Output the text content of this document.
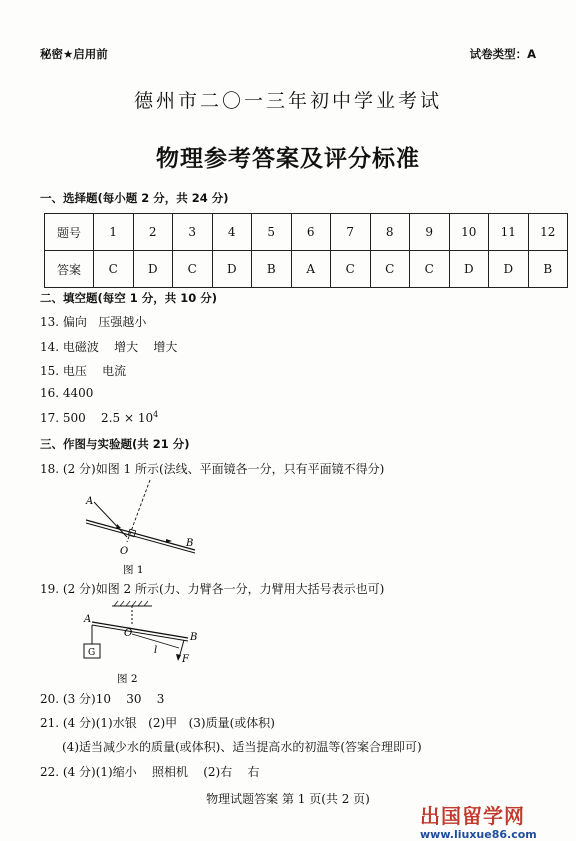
秘密★启用前	试卷类型：A
德州市二〇一三年初中学业考试
物理参考答案及评分标准
一、选择题(每小题 2 分，共 24 分)
题号	1	2	3	4	5	6	7	8	9	10	11	12
答案	C	D	C	D	B	A	C	C	C	D	D	B
二、填空题(每空 1 分，共 10 分)
13. 偏向   压强越小
14. 电磁波    增大    增大
15. 电压    电流
16. 4400
17. 500    $2.5 \times 10^4$
三、作图与实验题(共 21 分)
18. (2 分)如图 1 所示(法线、平面镜各一分，只有平面镜不得分)
A
O
B
图 1
19. (2 分)如图 2 所示(力、力臂各一分，力臂用大括号表示也可)
A
O	B
l
F
G
图 2
20. (3 分)10    30    3
21. (4 分)(1)水银   (2)甲   (3)质量(或体积)
(4)适当减少水的质量(或体积)、适当提高水的初温等(答案合理即可)
22. (4 分)(1)缩小    照相机    (2)右    右
物理试题答案 第 1 页(共 2 页)
出国留学网
www.liuxue86.com
